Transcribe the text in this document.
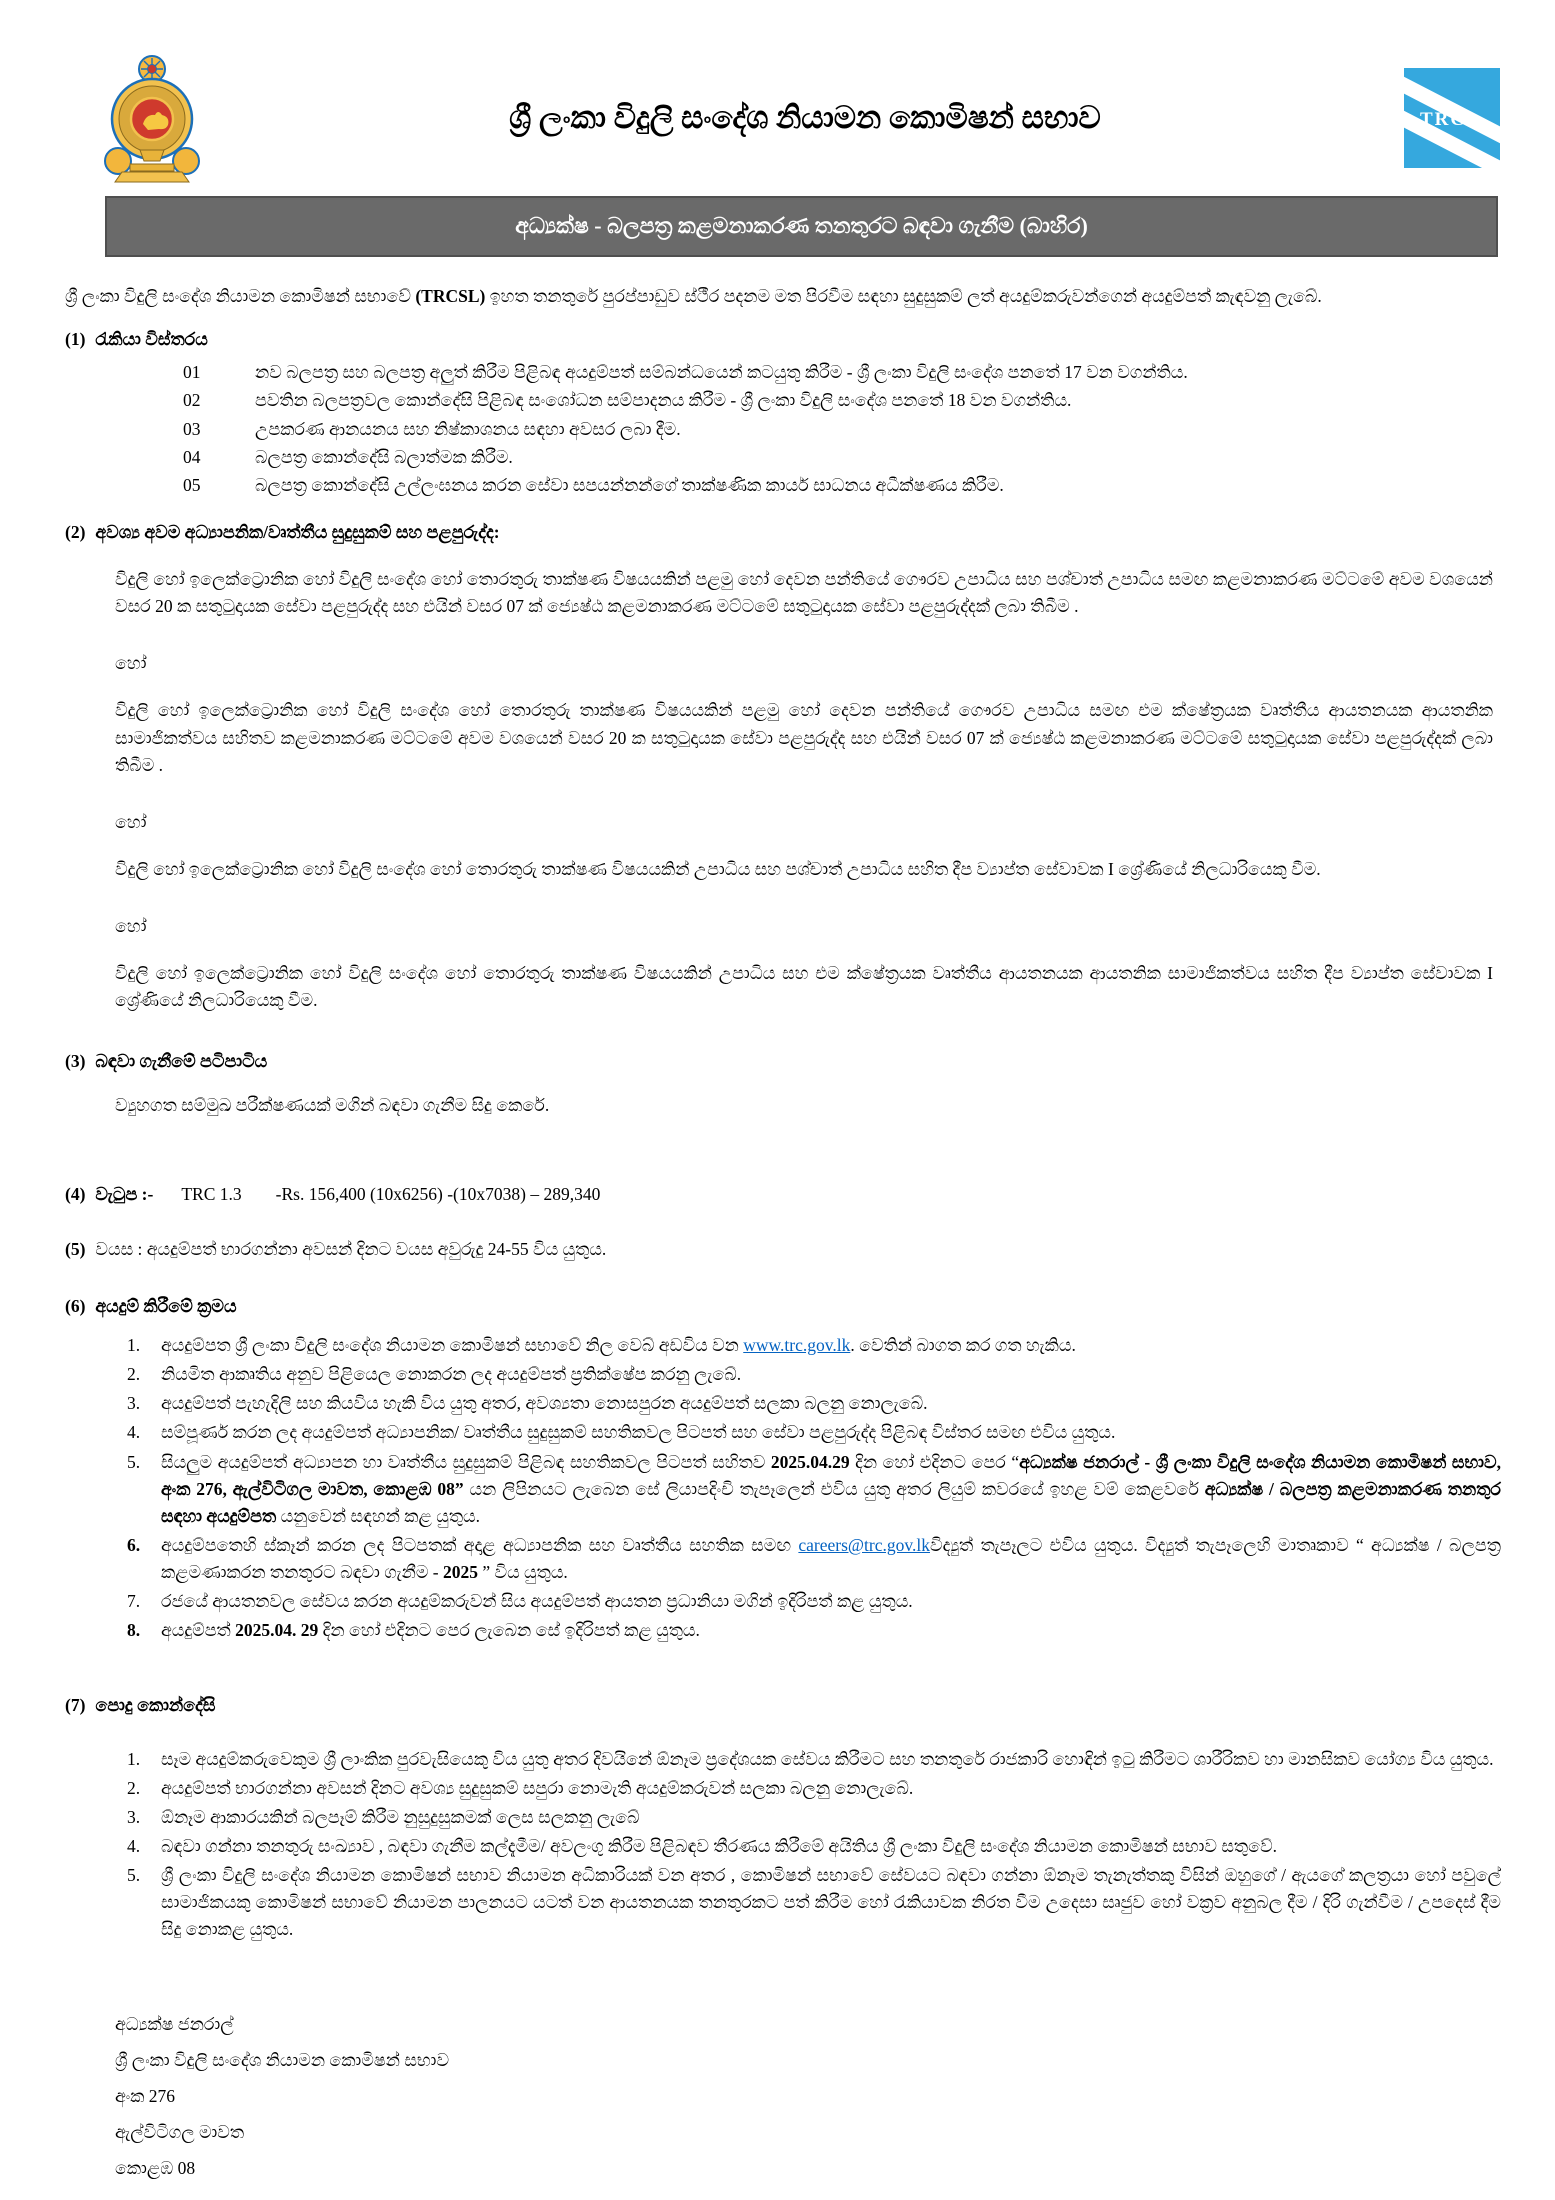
ශ්‍රී ලංකා විදුලි සංදේශ නියාමන කොමිෂන් සභාව	TRC
අධ්‍යක්ෂ - බලපත්‍ර කළමනාකරණ තනතුරට බඳවා ගැනීම (බාහිර)

ශ්‍රී ලංකා විදුලි සංදේශ නියාමන කොමිෂන් සභාවේ (TRCSL) ඉහත තනතුරේ පුරප්පාඩුව ස්ථීර පදනම මත පිරවීම සඳහා සුදුසුකම් ලත් අයදුම්කරුවන්ගෙන් අයදුම්පත් කැඳවනු ලැබේ.

(1) රැකියා විස්තරය
01	නව බලපත්‍ර සහ බලපත්‍ර අලුත් කිරීම පිළිබඳ අයදුම්පත් සම්බන්ධයෙන් කටයුතු කිරීම - ශ්‍රී ලංකා විදුලි සංදේශ පනතේ 17 වන වගන්තිය.
02	පවතින බලපත්‍රවල කොන්දේසි පිළිබඳ සංශෝධන සම්පාදනය කිරීම - ශ්‍රී ලංකා විදුලි සංදේශ පනතේ 18 වන වගන්තිය.
03	උපකරණ ආනයනය සහ නිෂ්කාශනය සඳහා අවසර ලබා දීම.
04	බලපත්‍ර කොන්දේසි බලාත්මක කිරීම.
05	බලපත්‍ර කොන්දේසි උල්ලංඝනය කරන සේවා සපයන්නන්ගේ තාක්ෂණික කාර්ය සාධනය අධීක්ෂණය කිරීම.
(2) අවශ්‍ය අවම අධ්‍යාපනික/වෘත්තීය සුදුසුකම් සහ පළපුරුද්ද:

විදුලි හෝ ඉලෙක්ට්‍රොනික හෝ විදුලි සංදේශ හෝ තොරතුරු තාක්ෂණ විෂයයකින් පළමු හෝ දෙවන පන්තියේ ගෞරව උපාධිය සහ පශ්චාත් උපාධිය සමඟ කළමනාකරණ මට්ටමේ අවම වශයෙන් වසර 20 ක සතුටුදායක සේවා පළපුරුද්ද සහ එයින් වසර 07 ක් ජ්‍යෙෂ්ඨ කළමනාකරණ මට්ටමේ සතුටුදායක සේවා පළපුරුද්දක් ලබා තිබීම .

හෝ

විදුලි හෝ ඉලෙක්ට්‍රොනික හෝ විදුලි සංදේශ හෝ තොරතුරු තාක්ෂණ විෂයයකින් පළමු හෝ දෙවන පන්තියේ ගෞරව උපාධිය සමඟ එම ක්ෂේත්‍රයක වෘත්තීය ආයතනයක ආයතනික සාමාජිකත්වය සහිතව කළමනාකරණ මට්ටමේ අවම වශයෙන් වසර 20 ක සතුටුදායක සේවා පළපුරුද්ද සහ එයින් වසර 07 ක් ජ්‍යෙෂ්ඨ කළමනාකරණ මට්ටමේ සතුටුදායක සේවා පළපුරුද්දක් ලබා තිබීම .

හෝ

විදුලි හෝ ඉලෙක්ට්‍රොනික හෝ විදුලි සංදේශ හෝ තොරතුරු තාක්ෂණ විෂයයකින් උපාධිය සහ පශ්චාත් උපාධිය සහිත දීප ව්‍යාප්ත සේවාවක I ශ්‍රේණියේ නිලධාරියෙකු වීම.

හෝ

විදුලි හෝ ඉලෙක්ට්‍රොනික හෝ විදුලි සංදේශ හෝ තොරතුරු තාක්ෂණ විෂයයකින් උපාධිය සහ එම ක්ෂේත්‍රයක වෘත්තීය ආයතනයක ආයතනික සාමාජිකත්වය සහිත දීප ව්‍යාප්ත සේවාවක I ශ්‍රේණියේ නිලධාරියෙකු වීම.

(3) බඳවා ගැනීමේ පටිපාටිය

ව්‍යුහගත සම්මුඛ පරීක්ෂණයක් මගින් බඳවා ගැනීම සිදු කෙරේ.

(4) වැටුප :- TRC 1.3 -Rs. 156,400 (10x6256) -(10x7038) – 289,340
(5) වයස : අයදුම්පත් භාරගන්නා අවසන් දිනට වයස අවුරුදු 24-55 විය යුතුය.
(6) අයදුම් කිරීමේ ක්‍රමය
1.	අයදුම්පත ශ්‍රී ලංකා විදුලි සංදේශ නියාමන කොමිෂන් සභාවේ නිල වෙබ් අඩවිය වන www.trc.gov.lk. වෙතින් බාගත කර ගත හැකිය.
2.	නියමිත ආකෘතිය අනුව පිළියෙල නොකරන ලද අයදුම්පත් ප්‍රතික්ෂේප කරනු ලැබේ.
3.	අයදුම්පත් පැහැදිලි සහ කියවිය හැකි විය යුතු අතර, අවශ්‍යතා නොසපුරන අයදුම්පත් සලකා බලනු නොලැබේ.
4.	සම්පූර්ණ කරන ලද අයදුම්පත් අධ්‍යාපනික/ වෘත්තීය සුදුසුකම් සහතිකවල පිටපත් සහ සේවා පළපුරුද්ද පිළිබඳ විස්තර සමඟ එවිය යුතුය.
5.	සියලුම අයදුම්පත් අධ්‍යාපන හා වෘත්තීය සුදුසුකම් පිළිබඳ සහතිකවල පිටපත් සහිතව 2025.04.29 දින හෝ එදිනට පෙර “අධ්‍යක්ෂ ජනරාල් - ශ්‍රී ලංකා විදුලි සංදේශ නියාමන කොමිෂන් සභාව, අංක 276, ඇල්විටිගල මාවත, කොළඹ 08” යන ලිපිනයට ලැබෙන සේ ලියාපදිංචි තැපෑලෙන් එවිය යුතු අතර ලියුම් කවරයේ ඉහළ වම් කෙළවරේ අධ්‍යක්ෂ / බලපත්‍ර කළමනාකරණ තනතුර සඳහා අයදුම්පත යනුවෙන් සඳහන් කළ යුතුය.
6.	අයදුම්පතෙහි ස්කෑන් කරන ලද පිටපතක් අදාළ අධ්‍යාපනික සහ වෘත්තීය සහතික සමඟ careers@trc.gov.lkවිද්‍යුත් තැපෑලට එවිය යුතුය. විද්‍යුත් තැපෑලෙහි මාතෘකාව “ අධ්‍යක්ෂ / බලපත්‍ර කළමණාකරන තනතුරට බඳවා ගැනීම - 2025 ” විය යුතුය.
7.	රජයේ ආයතනවල සේවය කරන අයදුම්කරුවන් සිය අයදුම්පත් ආයතන ප්‍රධානියා මගින් ඉදිරිපත් කළ යුතුය.
8.	අයදුම්පත් 2025.04. 29 දින හෝ එදිනට පෙර ලැබෙන සේ ඉදිරිපත් කළ යුතුය.
(7) පොදු කොන්දේසි
1.	සෑම අයදුම්කරුවෙකුම ශ්‍රී ලාංකික පුරවැසියෙකු විය යුතු අතර දිවයිනේ ඕනෑම ප්‍රදේශයක සේවය කිරීමට සහ තනතුරේ රාජකාරි හොඳින් ඉටු කිරීමට ශාරීරිකව හා මානසිකව යෝග්‍ය විය යුතුය.
2.	අයදුම්පත් භාරගන්නා අවසන් දිනට අවශ්‍ය සුදුසුකම් සපුරා නොමැති අයදුම්කරුවන් සලකා බලනු නොලැබේ.
3.	ඕනෑම ආකාරයකින් බලපෑම් කිරීම නුසුදුසුකමක් ලෙස සලකනු ලැබේ
4.	බඳවා ගන්නා තනතුරු සංඛ්‍යාව , බඳවා ගැනීම කල්දැමීම/ අවලංගු කිරීම පිළිබඳව තීරණය කිරීමේ අයිතිය ශ්‍රී ලංකා විදුලි සංදේශ නියාමන කොමිෂන් සභාව සතුවේ.
5.	ශ්‍රී ලංකා විදුලි සංදේශ නියාමන කොමිෂන් සභාව නියාමන අධිකාරියක් වන අතර , කොමිෂන් සභාවේ සේවයට බඳවා ගන්නා ඕනෑම තැනැත්තකු විසින් ඔහුගේ / ඇයගේ කලත්‍රයා හෝ පවුලේ සාමාජිකයකු කොමිෂන් සභාවේ නියාමන පාලනයට යටත් වන ආයතනයක තනතුරකට පත් කිරීම හෝ රැකියාවක නිරත වීම උදෙසා සෘජුව හෝ වක්‍රව අනුබල දීම / දිරි ගැන්වීම / උපදෙස් දීම සිදු නොකළ යුතුය.
අධ්‍යක්ෂ ජනරාල්
ශ්‍රී ලංකා විදුලි සංදේශ නියාමන කොමිෂන් සභාව
අංක 276
ඇල්විටිගල මාවත
කොළඹ 08
